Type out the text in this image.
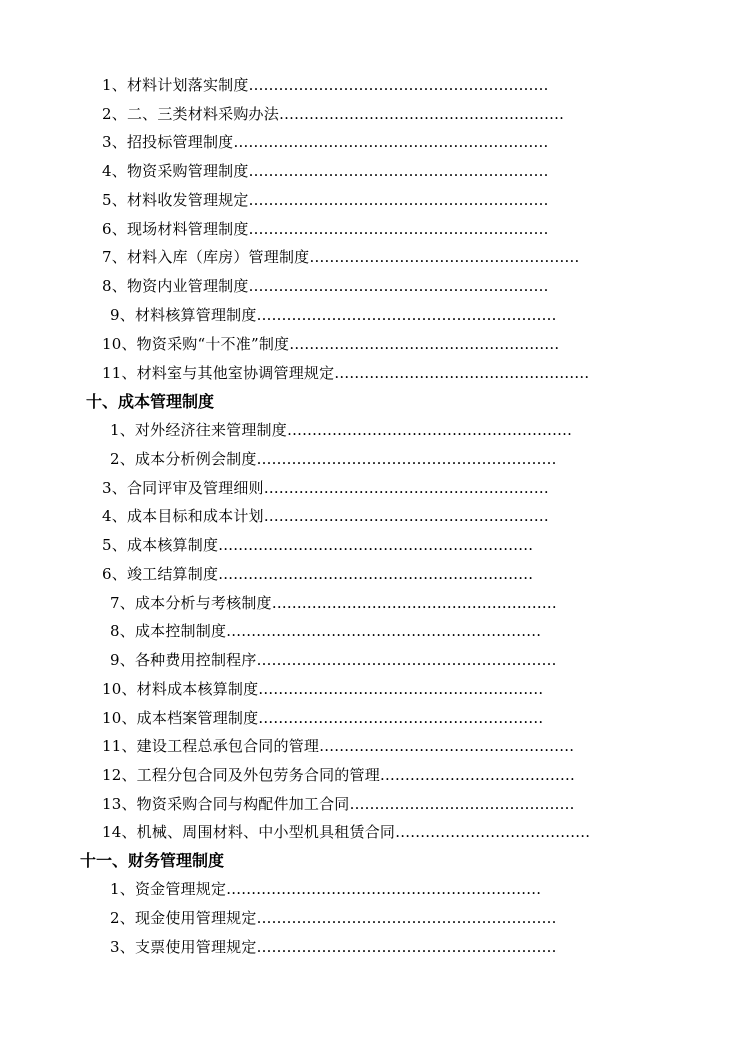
1、材料计划落实制度……………………………………………………
2、二、三类材料采购办法…………………………………………………
3、招投标管理制度………………………………………………………
4、物资采购管理制度……………………………………………………
5、材料收发管理规定……………………………………………………
6、现场材料管理制度……………………………………………………
7、材料入库（库房）管理制度………………………………………………
8、物资内业管理制度……………………………………………………
9、材料核算管理制度……………………………………………………
10、物资采购“十不准”制度………………………………………………
11、材料室与其他室协调管理规定……………………………………………
十、成本管理制度
1、对外经济往来管理制度…………………………………………………
2、成本分析例会制度……………………………………………………
3、合同评审及管理细则…………………………………………………
4、成本目标和成本计划…………………………………………………
5、成本核算制度………………………………………………………
6、竣工结算制度………………………………………………………
7、成本分析与考核制度…………………………………………………
8、成本控制制度………………………………………………………
9、各种费用控制程序……………………………………………………
10、材料成本核算制度…………………………………………………
10、成本档案管理制度…………………………………………………
11、建设工程总承包合同的管理……………………………………………
12、工程分包合同及外包劳务合同的管理…………………………………
13、物资采购合同与构配件加工合同………………………………………
14、机械、周围材料、中小型机具租赁合同…………………………………
十一、财务管理制度
1、资金管理规定………………………………………………………
2、现金使用管理规定……………………………………………………
3、支票使用管理规定……………………………………………………
